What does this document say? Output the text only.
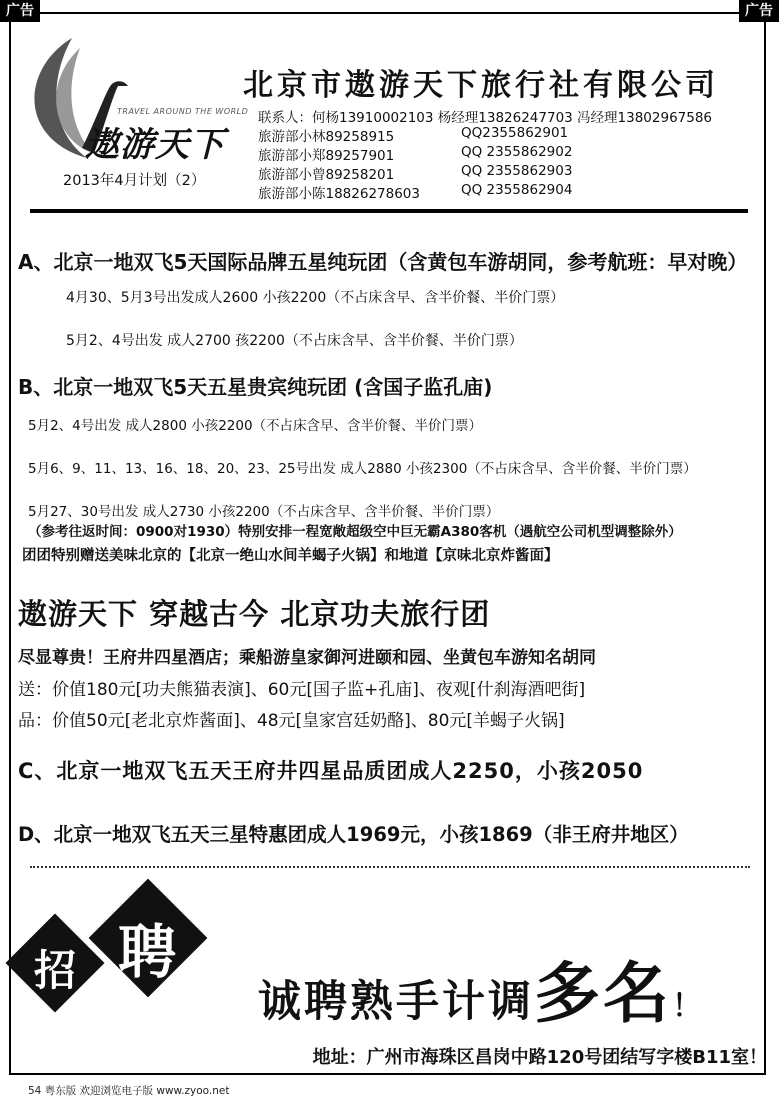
广告	广告
TRAVEL AROUND THE WORLD
遨游天下
2013年4月计划（2）
北京市遨游天下旅行社有限公司
联系人：何杨13910002103 杨经理13826247703 冯经理13802967586
旅游部小林89258915
旅游部小郑89257901
旅游部小曾89258201
旅游部小陈18826278603
QQ2355862901
QQ 2355862902
QQ 2355862903
QQ 2355862904
A、北京一地双飞5天国际品牌五星纯玩团（含黄包车游胡同，参考航班：早对晚）
4月30、5月3号出发成人2600 小孩2200（不占床含早、含半价餐、半价门票）
5月2、4号出发 成人2700 孩2200（不占床含早、含半价餐、半价门票）
B、北京一地双飞5天五星贵宾纯玩团 (含国子监孔庙)
5月2、4号出发 成人2800 小孩2200（不占床含早、含半价餐、半价门票）
5月6、9、11、13、16、18、20、23、25号出发 成人2880 小孩2300（不占床含早、含半价餐、半价门票）
5月27、30号出发 成人2730 小孩2200（不占床含早、含半价餐、半价门票）
（参考往返时间：0900对1930）特别安排一程宽敞超级空中巨无霸A380客机（遇航空公司机型调整除外）
团团特别赠送美味北京的【北京一绝山水间羊蝎子火锅】和地道【京味北京炸酱面】
遨游天下 穿越古今 北京功夫旅行团
尽显尊贵！王府井四星酒店；乘船游皇家御河进颐和园、坐黄包车游知名胡同
送：价值180元[功夫熊猫表演]、60元[国子监+孔庙]、夜观[什刹海酒吧街]
品：价值50元[老北京炸酱面]、48元[皇家宫廷奶酪]、80元[羊蝎子火锅]
C、北京一地双飞五天王府井四星品质团成人2250，小孩2050
D、北京一地双飞五天三星特惠团成人1969元，小孩1869（非王府井地区）
招 聘
诚聘熟手计调多名！
地址：广州市海珠区昌岗中路120号团结写字楼B11室！
54 粤东版 欢迎浏览电子版 www.zyoo.net
